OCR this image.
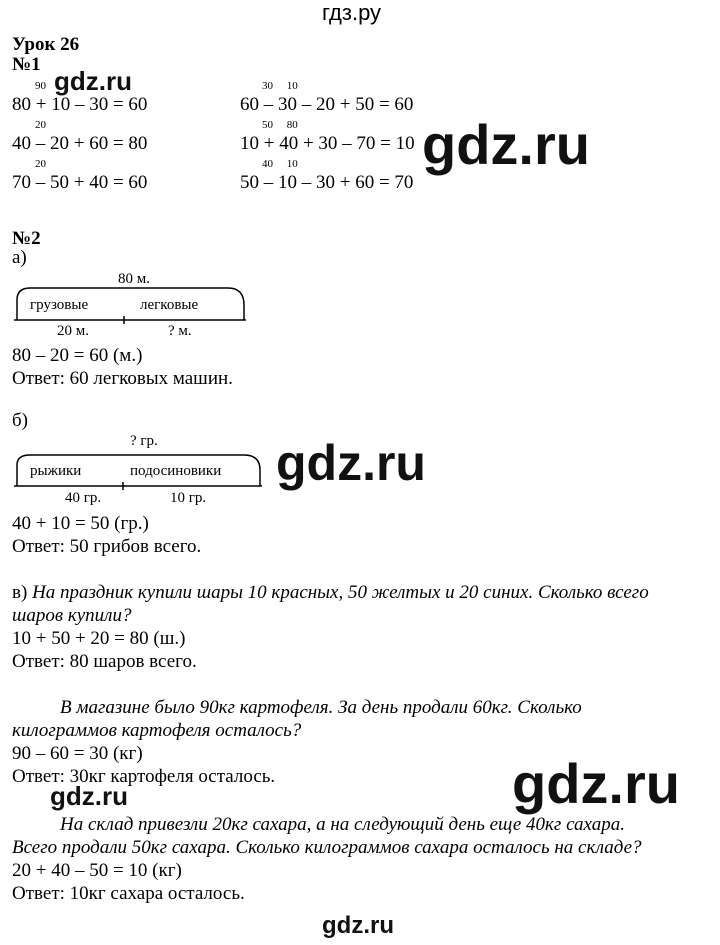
гдз.ру
Урок 26
№1
90
80 + 10 – 30 = 60
20
40 – 20 + 60 = 80
20
70 – 50 + 40 = 60
30     10
60 – 30 – 20 + 50 = 60
50     80
10 + 40 + 30 – 70 = 10
40     10
50 – 10 – 30 + 60 = 70
gdz.ru
gdz.ru
№2
а)
80 м.
грузовые	легковые
20 м.	? м.
80 – 20 = 60 (м.)
Ответ: 60 легковых машин.
б)
? гр.
рыжики	подосиновики
40 гр.	10 гр.
gdz.ru
40 + 10 = 50 (гр.)
Ответ: 50 грибов всего.
в) На праздник купили шары 10 красных, 50 желтых и 20 синих. Сколько всего
шаров купили?
10 + 50 + 20 = 80 (ш.)
Ответ: 80 шаров всего.
В магазине было 90кг картофеля. За день продали 60кг. Сколько
килограммов картофеля осталось?
90 – 60 = 30 (кг)
Ответ: 30кг картофеля осталось.
gdz.ru	gdz.ru
На склад привезли 20кг сахара, а на следующий день еще 40кг сахара.
Всего продали 50кг сахара. Сколько килограммов сахара осталось на складе?
20 + 40 – 50 = 10 (кг)
Ответ: 10кг сахара осталось.
gdz.ru
